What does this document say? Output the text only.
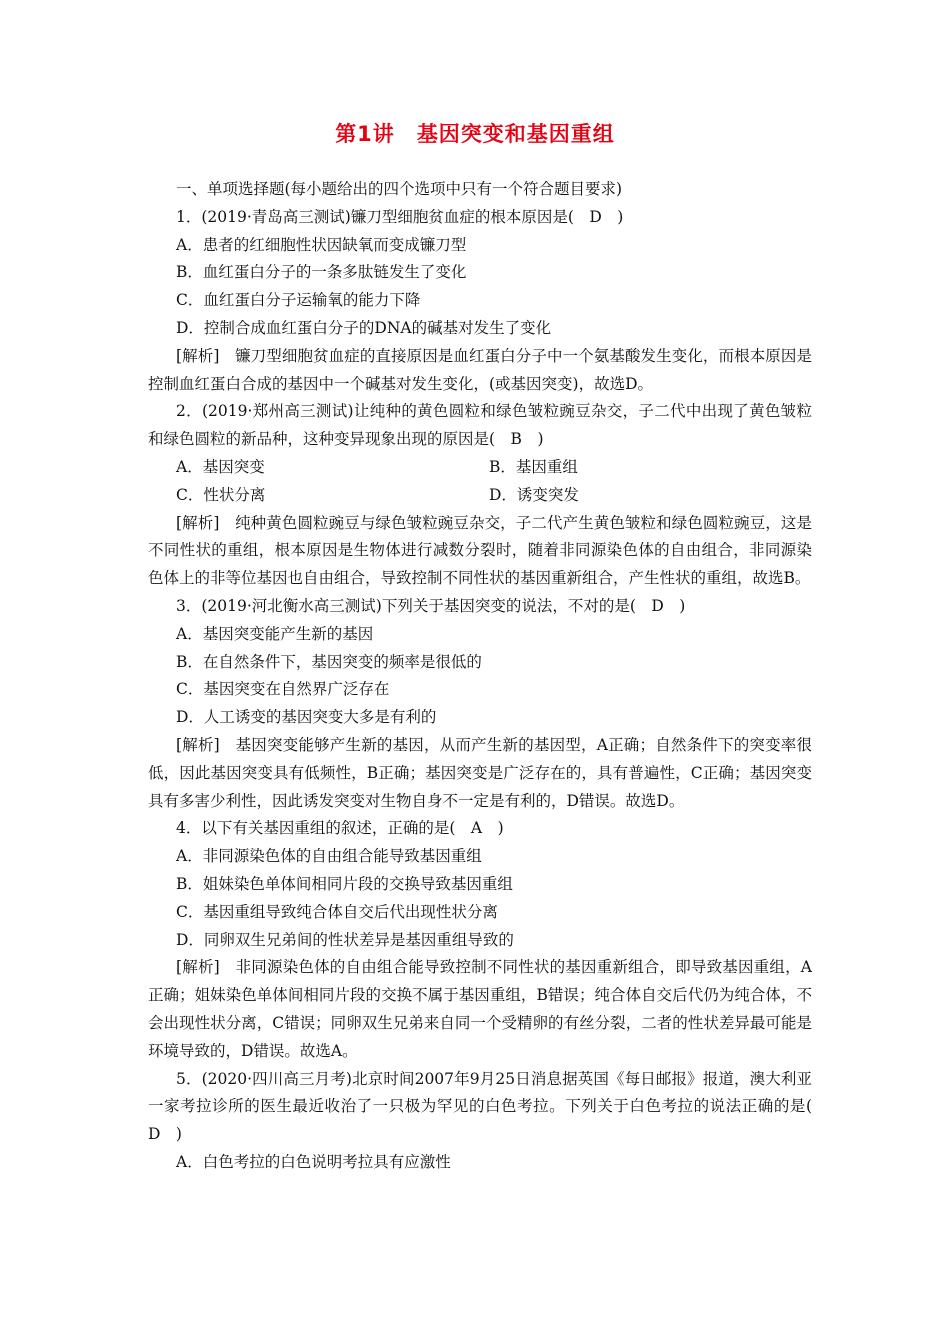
第1讲 基因突变和基因重组
一、单项选择题(每小题给出的四个选项中只有一个符合题目要求)
1．(2019·青岛高三测试)镰刀型细胞贫血症的根本原因是(　D　)
A．患者的红细胞性状因缺氧而变成镰刀型
B．血红蛋白分子的一条多肽链发生了变化
C．血红蛋白分子运输氧的能力下降
D．控制合成血红蛋白分子的DNA的碱基对发生了变化

[解析]　镰刀型细胞贫血症的直接原因是血红蛋白分子中一个氨基酸发生变化，而根本原因是控制血红蛋白合成的基因中一个碱基对发生变化，(或基因突变)，故选D。

2．(2019·郑州高三测试)让纯种的黄色圆粒和绿色皱粒豌豆杂交，子二代中出现了黄色皱粒和绿色圆粒的新品种，这种变异现象出现的原因是(　B　)

A．基因突变	B．基因重组
C．性状分离	D．诱变突发

[解析]　纯种黄色圆粒豌豆与绿色皱粒豌豆杂交，子二代产生黄色皱粒和绿色圆粒豌豆，这是不同性状的重组，根本原因是生物体进行减数分裂时，随着非同源染色体的自由组合，非同源染色体上的非等位基因也自由组合，导致控制不同性状的基因重新组合，产生性状的重组，故选B。

3．(2019·河北衡水高三测试)下列关于基因突变的说法，不对的是(　D　)
A．基因突变能产生新的基因
B．在自然条件下，基因突变的频率是很低的
C．基因突变在自然界广泛存在
D．人工诱变的基因突变大多是有利的

[解析]　基因突变能够产生新的基因，从而产生新的基因型，A正确；自然条件下的突变率很低，因此基因突变具有低频性，B正确；基因突变是广泛存在的，具有普遍性，C正确；基因突变具有多害少利性，因此诱发突变对生物自身不一定是有利的，D错误。故选D。

4．以下有关基因重组的叙述，正确的是(　A　)
A．非同源染色体的自由组合能导致基因重组
B．姐妹染色单体间相同片段的交换导致基因重组
C．基因重组导致纯合体自交后代出现性状分离
D．同卵双生兄弟间的性状差异是基因重组导致的

[解析]　非同源染色体的自由组合能导致控制不同性状的基因重新组合，即导致基因重组，A正确；姐妹染色单体间相同片段的交换不属于基因重组，B错误；纯合体自交后代仍为纯合体，不会出现性状分离，C错误；同卵双生兄弟来自同一个受精卵的有丝分裂，二者的性状差异最可能是环境导致的，D错误。故选A。

5．(2020·四川高三月考)北京时间2007年9月25日消息据英国《每日邮报》报道，澳大利亚一家考拉诊所的医生最近收治了一只极为罕见的白色考拉。下列关于白色考拉的说法正确的是(　D　)

A．白色考拉的白色说明考拉具有应激性
